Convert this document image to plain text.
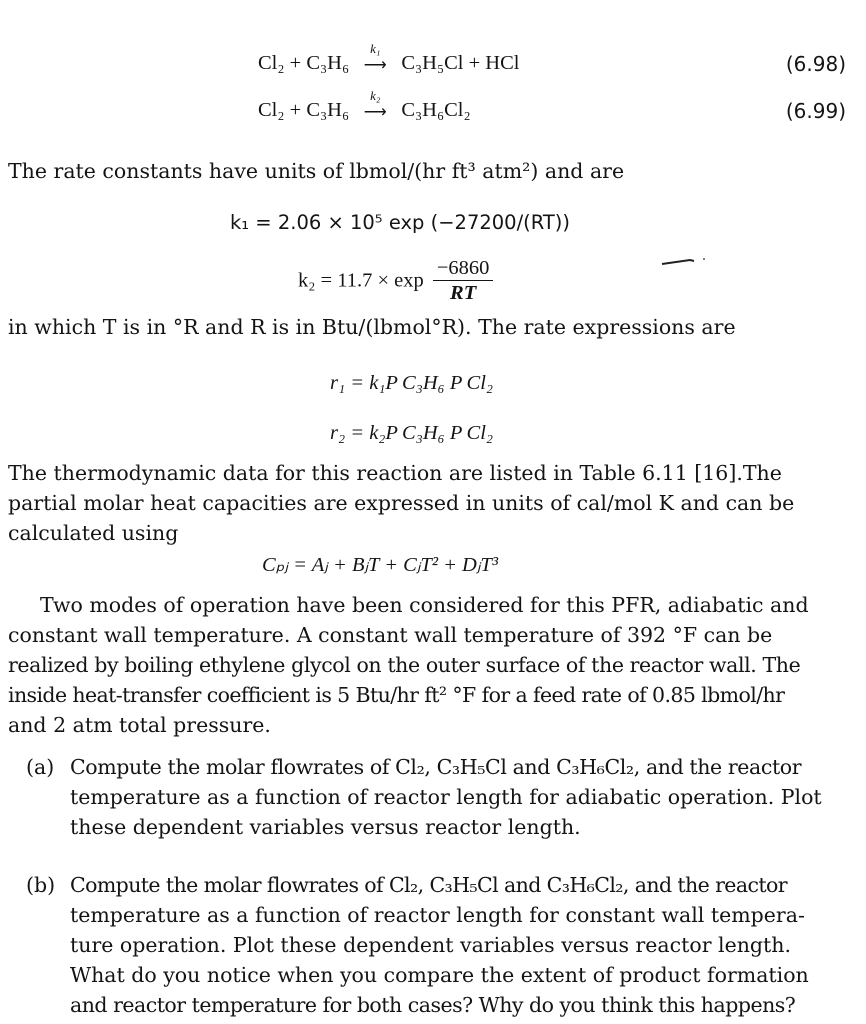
Cl₂ + C₃H₆
k₁
⟶ C₃H₅Cl + HCl	(6.98)
Cl₂ + C₃H₆
k₂
⟶ C₃H₆Cl₂	(6.99)
The rate constants have units of lbmol/(hr ft³ atm²) and are
k₁ = 2.06 × 10⁵ exp (−27200/(RT))
$k_2 = 11.7 \times \exp \frac{-6860}{RT}$
in which T is in °R and R is in Btu/(lbmol°R). The rate expressions are
r₁ = k₁P C₃H₆ P Cl₂
r₂ = k₂P C₃H₆ P Cl₂
The thermodynamic data for this reaction are listed in Table 6.11 [16].The
partial molar heat capacities are expressed in units of cal/mol K and can be
calculated using
Cₚⱼ = Aⱼ + BⱼT + CⱼT² + DⱼT³
Two modes of operation have been considered for this PFR, adiabatic and
constant wall temperature. A constant wall temperature of 392 °F can be
realized by boiling ethylene glycol on the outer surface of the reactor wall. The
inside heat-transfer coefficient is 5 Btu/hr ft² °F for a feed rate of 0.85 lbmol/hr
and 2 atm total pressure.
(a) Compute the molar flowrates of Cl₂, C₃H₅Cl and C₃H₆Cl₂, and the reactor
temperature as a function of reactor length for adiabatic operation. Plot
these dependent variables versus reactor length.
(b) Compute the molar flowrates of Cl₂, C₃H₅Cl and C₃H₆Cl₂, and the reactor
temperature as a function of reactor length for constant wall tempera-
ture operation. Plot these dependent variables versus reactor length.
What do you notice when you compare the extent of product formation
and reactor temperature for both cases? Why do you think this happens?
